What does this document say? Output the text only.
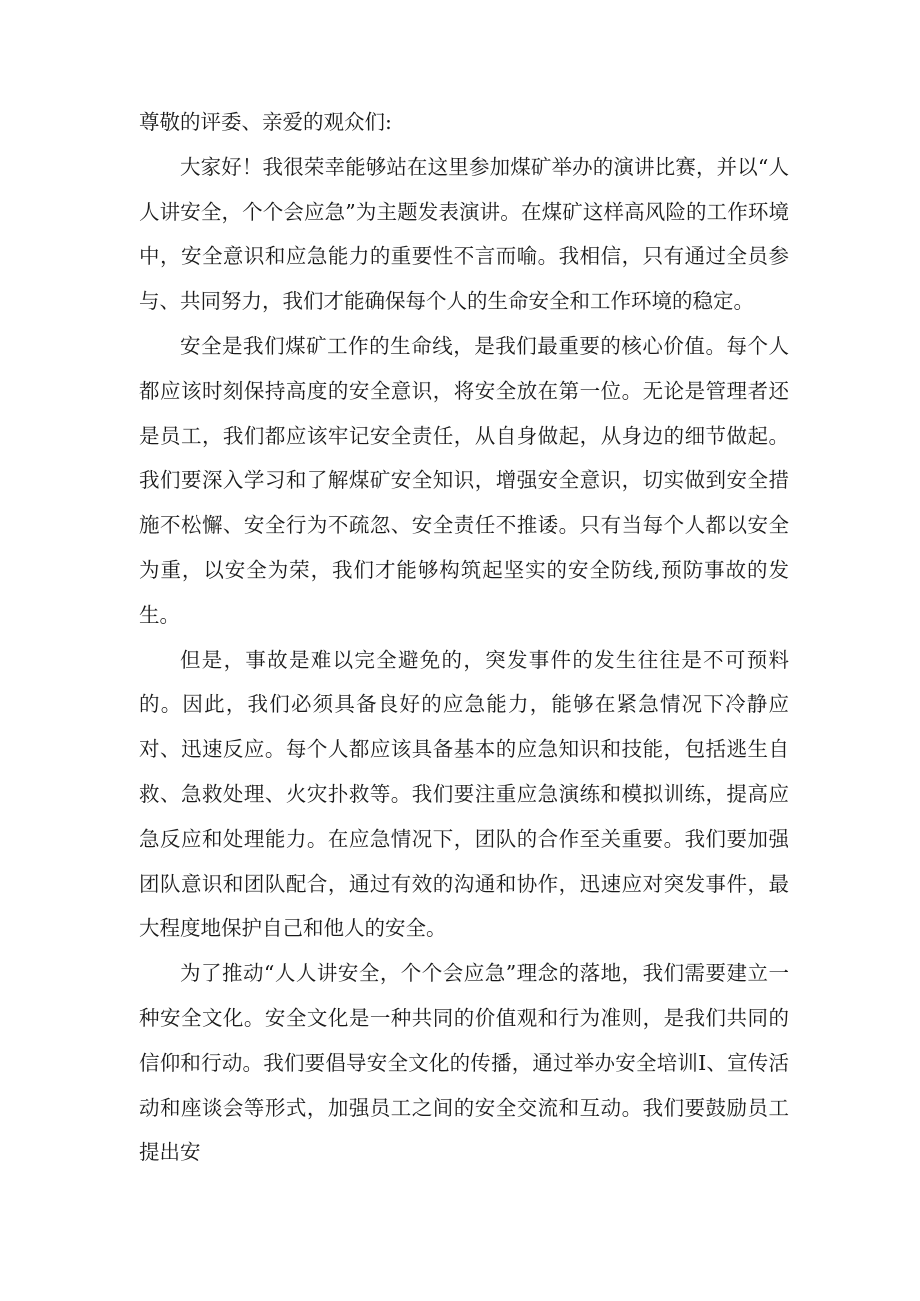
尊敬的评委、亲爱的观众们:

大家好！我很荣幸能够站在这里参加煤矿举办的演讲比赛，并以“人人讲安全，个个会应急”为主题发表演讲。在煤矿这样高风险的工作环境中，安全意识和应急能力的重要性不言而喻。我相信，只有通过全员参与、共同努力，我们才能确保每个人的生命安全和工作环境的稳定。

安全是我们煤矿工作的生命线，是我们最重要的核心价值。每个人都应该时刻保持高度的安全意识，将安全放在第一位。无论是管理者还是员工，我们都应该牢记安全责任，从自身做起，从身边的细节做起。我们要深入学习和了解煤矿安全知识，增强安全意识，切实做到安全措施不松懈、安全行为不疏忽、安全责任不推诿。只有当每个人都以安全为重，以安全为荣，我们才能够构筑起坚实的安全防线,预防事故的发生。

但是，事故是难以完全避免的，突发事件的发生往往是不可预料的。因此，我们必须具备良好的应急能力，能够在紧急情况下冷静应对、迅速反应。每个人都应该具备基本的应急知识和技能，包括逃生自救、急救处理、火灾扑救等。我们要注重应急演练和模拟训练，提高应急反应和处理能力。在应急情况下，团队的合作至关重要。我们要加强团队意识和团队配合，通过有效的沟通和协作，迅速应对突发事件，最大程度地保护自己和他人的安全。

为了推动“人人讲安全，个个会应急”理念的落地，我们需要建立一种安全文化。安全文化是一种共同的价值观和行为准则，是我们共同的信仰和行动。我们要倡导安全文化的传播，通过举办安全培训Ⅰ、宣传活动和座谈会等形式，加强员工之间的安全交流和互动。我们要鼓励员工提出安
